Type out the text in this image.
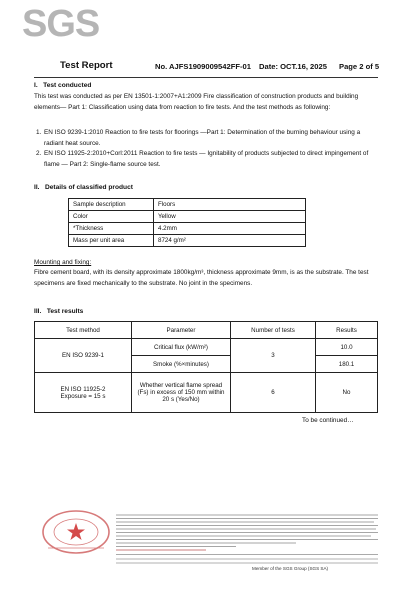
SGS
Test Report	No. AJFS1909009542FF-01 Date: OCT.16, 2025 Page 2 of 5
I.   Test conducted
This test was conducted as per EN 13501-1:2007+A1:2009 Fire classification of construction products and building elements— Part 1: Classification using data from reaction to fire tests. And the test methods as following:
1. EN ISO 9239-1:2010 Reaction to fire tests for floorings —Part 1: Determination of the burning behaviour using a radiant heat source.
2. EN ISO 11925-2:2010+Corl:2011 Reaction to fire tests — Ignitability of products subjected to direct impingement of flame — Part 2: Single-flame source test.
II.   Details of classified product
Sample description	Floors
Color	Yellow
*Thickness	4.2mm
Mass per unit area	8724 g/m²
Mounting and fixing:
Fibre cement board, with its density approximate 1800kg/m³, thickness approximate 9mm, is as the substrate. The test specimens are fixed mechanically to the substrate. No joint in the specimens.
III.   Test results
Test method	Parameter	Number of tests	Results
EN ISO 9239-1	Critical flux (kW/m²)	3	10.0
	Smoke (%×minutes)		180.1
EN ISO 11925-2
Exposure = 15 s	Whether vertical flame spread (Fs) in excess of 150 mm within 20 s (Yes/No)	6	No
To be continued…
Member of the SGS Group (SGS SA)
